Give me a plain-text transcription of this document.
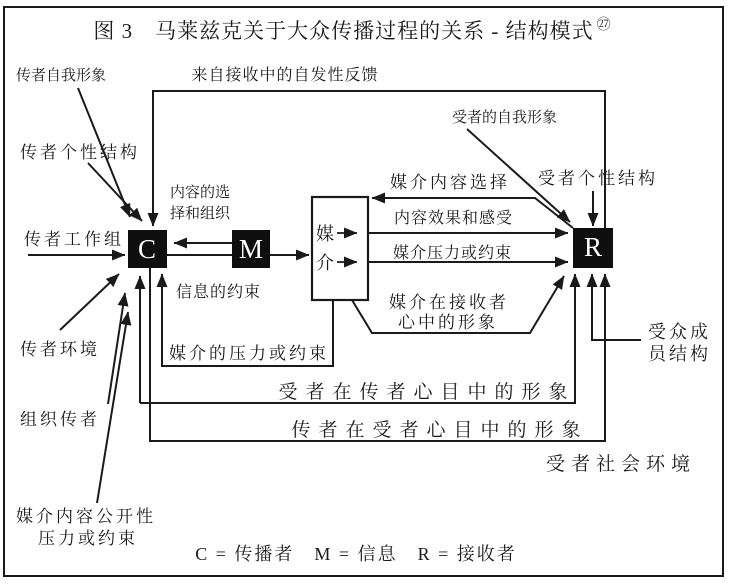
图 3　马莱兹克关于大众传播过程的关系 - 结构模式 $^㉗$
传者自我形象	来自接收中的自发性反馈
受者的自我形象
传者个性结构
受者个性结构
内容的选
择和组织
媒介内容选择
内容效果和感受
媒介压力或约束
传者工作组
信息的约束
媒介在接收者
心中的形象	受众成
员结构
传者环境	媒介的压力或约束
受者在传者心目中的形象
组织传者
传者在受者心目中的形象
受者社会环境
媒介内容公开性
压力或约束
C = 传播者　M = 信息　R = 接收者
C	M	R
媒
介
